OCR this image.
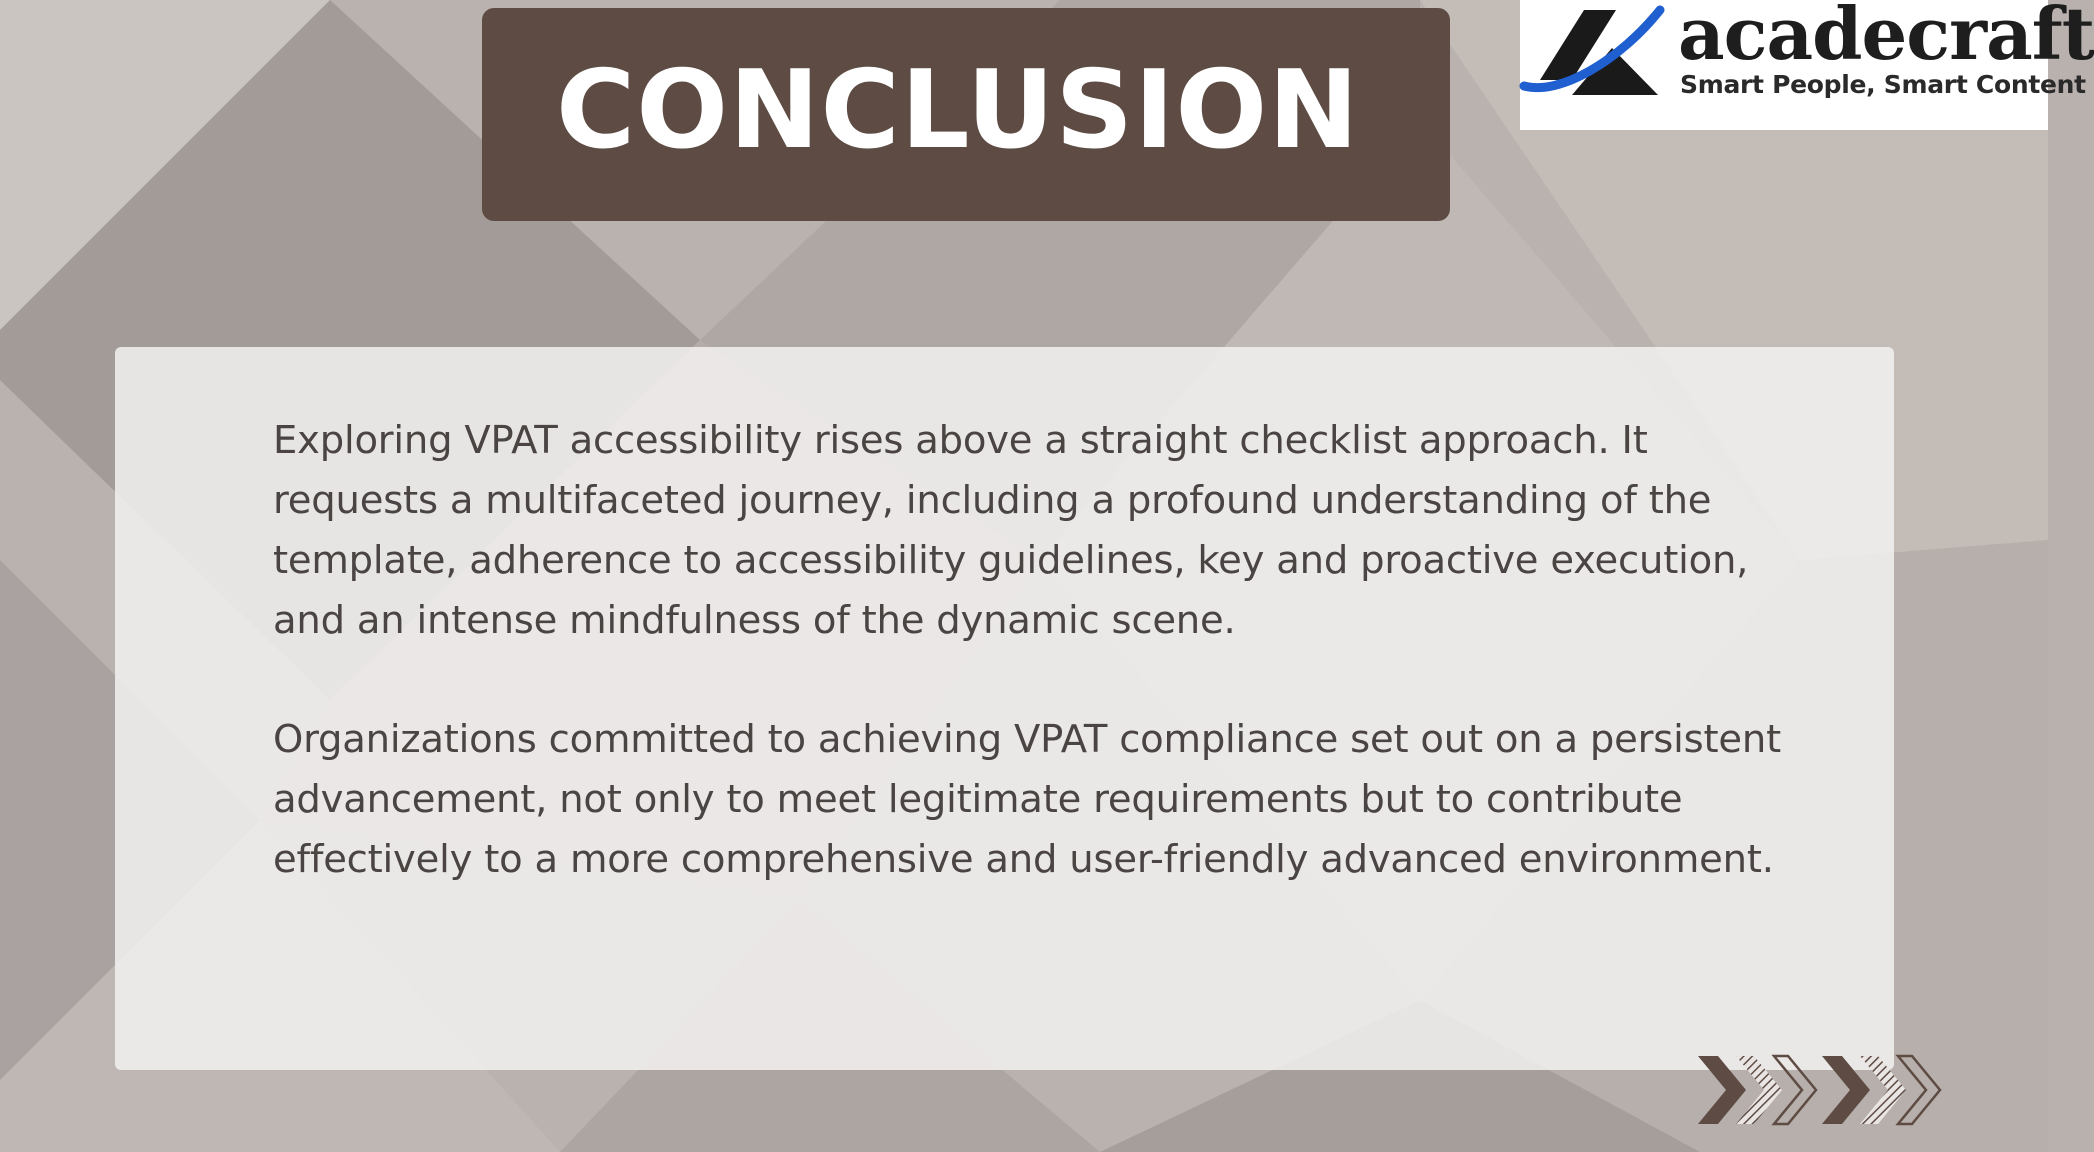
CONCLUSION
acadecraft
Smart People, Smart Content

Exploring VPAT accessibility rises above a straight checklist approach. It requests a multifaceted journey, including a profound understanding of the template, adherence to accessibility guidelines, key and proactive execution, and an intense mindfulness of the dynamic scene.

Organizations committed to achieving VPAT compliance set out on a persistent advancement, not only to meet legitimate requirements but to contribute effectively to a more comprehensive and user-friendly advanced environment.
